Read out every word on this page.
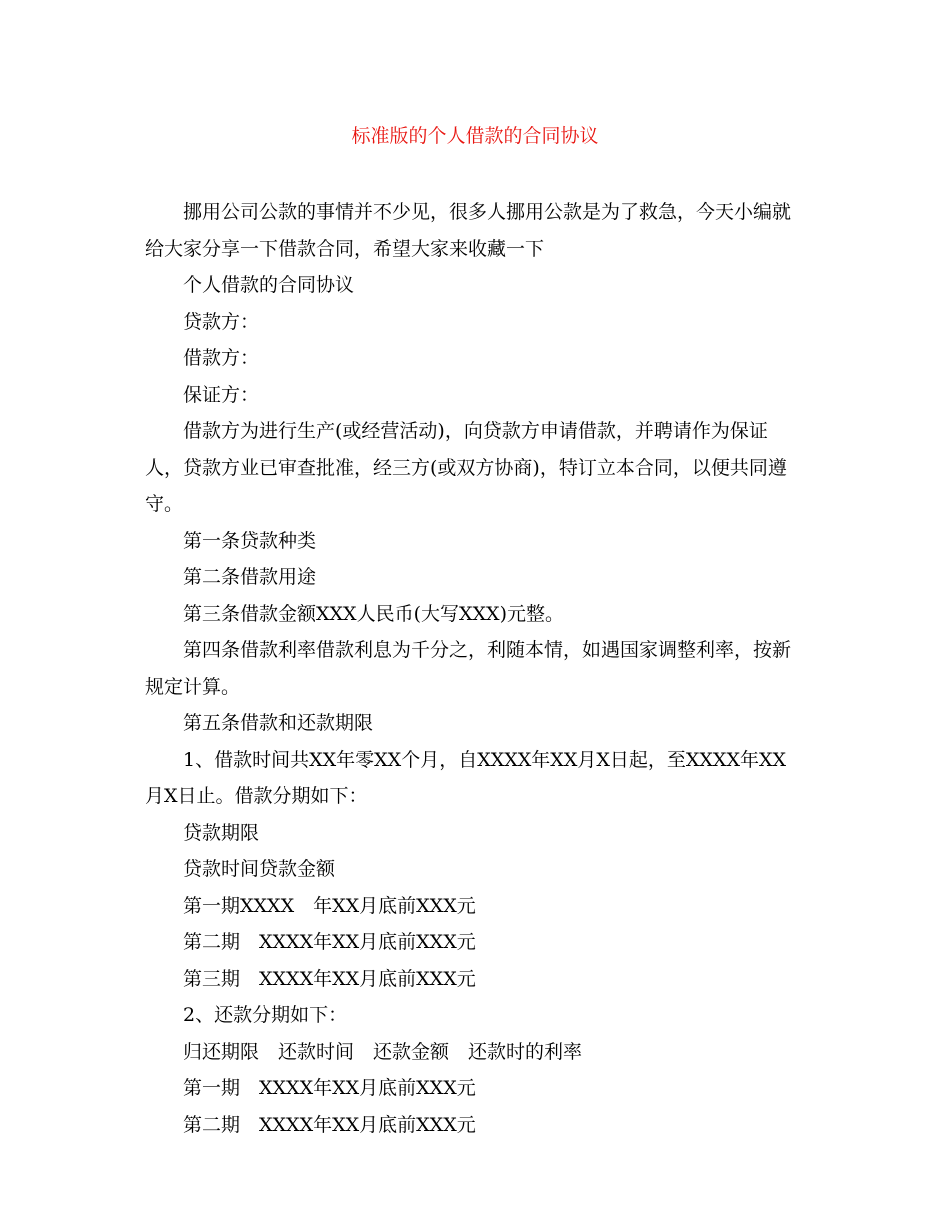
标准版的个人借款的合同协议

挪用公司公款的事情并不少见，很多人挪用公款是为了救急，今天小编就给大家分享一下借款合同，希望大家来收藏一下

个人借款的合同协议

贷款方：

借款方：

保证方：

借款方为进行生产(或经营活动)，向贷款方申请借款，并聘请作为保证人，贷款方业已审查批准，经三方(或双方协商)，特订立本合同，以便共同遵守。

第一条贷款种类

第二条借款用途

第三条借款金额XXX人民币(大写XXX)元整。

第四条借款利率借款利息为千分之，利随本情，如遇国家调整利率，按新规定计算。

第五条借款和还款期限

1、借款时间共XX年零XX个月，自XXXX年XX月X日起，至XXXX年XX月X日止。借款分期如下：

贷款期限

贷款时间贷款金额

第一期XXXX　年XX月底前XXX元

第二期　XXXX年XX月底前XXX元

第三期　XXXX年XX月底前XXX元

2、还款分期如下：

归还期限　还款时间　还款金额　还款时的利率

第一期　XXXX年XX月底前XXX元

第二期　XXXX年XX月底前XXX元
